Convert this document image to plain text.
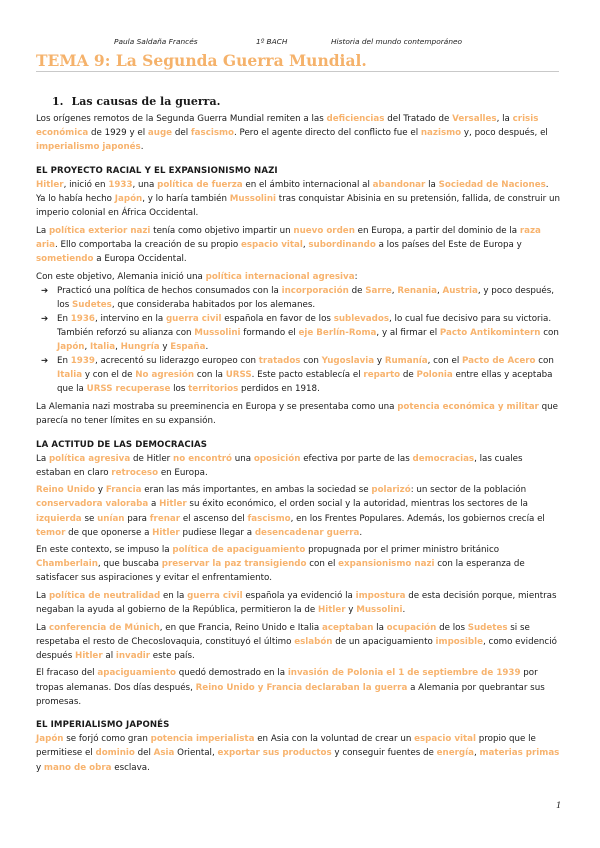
Paula Saldaña Francés	1º BACH	Historia del mundo contemporáneo
TEMA 9: La Segunda Guerra Mundial.
1. Las causas de la guerra.

Los orígenes remotos de la Segunda Guerra Mundial remiten a las deficiencias del Tratado de Versalles, la crisis económica de 1929 y el auge del fascismo. Pero el agente directo del conflicto fue el nazismo y, poco después, el imperialismo japonés.

EL PROYECTO RACIAL Y EL EXPANSIONISMO NAZI

Hitler, inició en 1933, una política de fuerza en el ámbito internacional al abandonar la Sociedad de Naciones. Ya lo había hecho Japón, y lo haría también Mussolini tras conquistar Abisinia en su pretensión, fallida, de construir un imperio colonial en África Occidental.

La política exterior nazi tenía como objetivo impartir un nuevo orden en Europa, a partir del dominio de la raza aria. Ello comportaba la creación de su propio espacio vital, subordinando a los países del Este de Europa y sometiendo a Europa Occidental.

Con este objetivo, Alemania inició una política internacional agresiva:

➔ Practicó una política de hechos consumados con la incorporación de Sarre, Renania, Austria, y poco después, los Sudetes, que consideraba habitados por los alemanes.
➔ En 1936, intervino en la guerra civil española en favor de los sublevados, lo cual fue decisivo para su victoria. También reforzó su alianza con Mussolini formando el eje Berlín-Roma, y al firmar el Pacto Antikomintern con Japón, Italia, Hungría y España.
➔ En 1939, acrecentó su liderazgo europeo con tratados con Yugoslavia y Rumanía, con el Pacto de Acero con Italia y con el de No agresión con la URSS. Este pacto establecía el reparto de Polonia entre ellas y aceptaba que la URSS recuperase los territorios perdidos en 1918.

La Alemania nazi mostraba su preeminencia en Europa y se presentaba como una potencia económica y militar que parecía no tener límites en su expansión.

LA ACTITUD DE LAS DEMOCRACIAS

La política agresiva de Hitler no encontró una oposición efectiva por parte de las democracias, las cuales estaban en claro retroceso en Europa.

Reino Unido y Francia eran las más importantes, en ambas la sociedad se polarizó: un sector de la población conservadora valoraba a Hitler su éxito económico, el orden social y la autoridad, mientras los sectores de la izquierda se unían para frenar el ascenso del fascismo, en los Frentes Populares. Además, los gobiernos crecía el temor de que oponerse a Hitler pudiese llegar a desencadenar guerra.

En este contexto, se impuso la política de apaciguamiento propugnada por el primer ministro británico Chamberlain, que buscaba preservar la paz transigiendo con el expansionismo nazi con la esperanza de satisfacer sus aspiraciones y evitar el enfrentamiento.

La política de neutralidad en la guerra civil española ya evidenció la impostura de esta decisión porque, mientras negaban la ayuda al gobierno de la República, permitieron la de Hitler y Mussolini.

La conferencia de Múnich, en que Francia, Reino Unido e Italia aceptaban la ocupación de los Sudetes si se respetaba el resto de Checoslovaquia, constituyó el último eslabón de un apaciguamiento imposible, como evidenció después Hitler al invadir este país.

El fracaso del apaciguamiento quedó demostrado en la invasión de Polonia el 1 de septiembre de 1939 por tropas alemanas. Dos días después, Reino Unido y Francia declaraban la guerra a Alemania por quebrantar sus promesas.

EL IMPERIALISMO JAPONÉS

Japón se forjó como gran potencia imperialista en Asia con la voluntad de crear un espacio vital propio que le permitiese el dominio del Asia Oriental, exportar sus productos y conseguir fuentes de energía, materias primas y mano de obra esclava.

1
